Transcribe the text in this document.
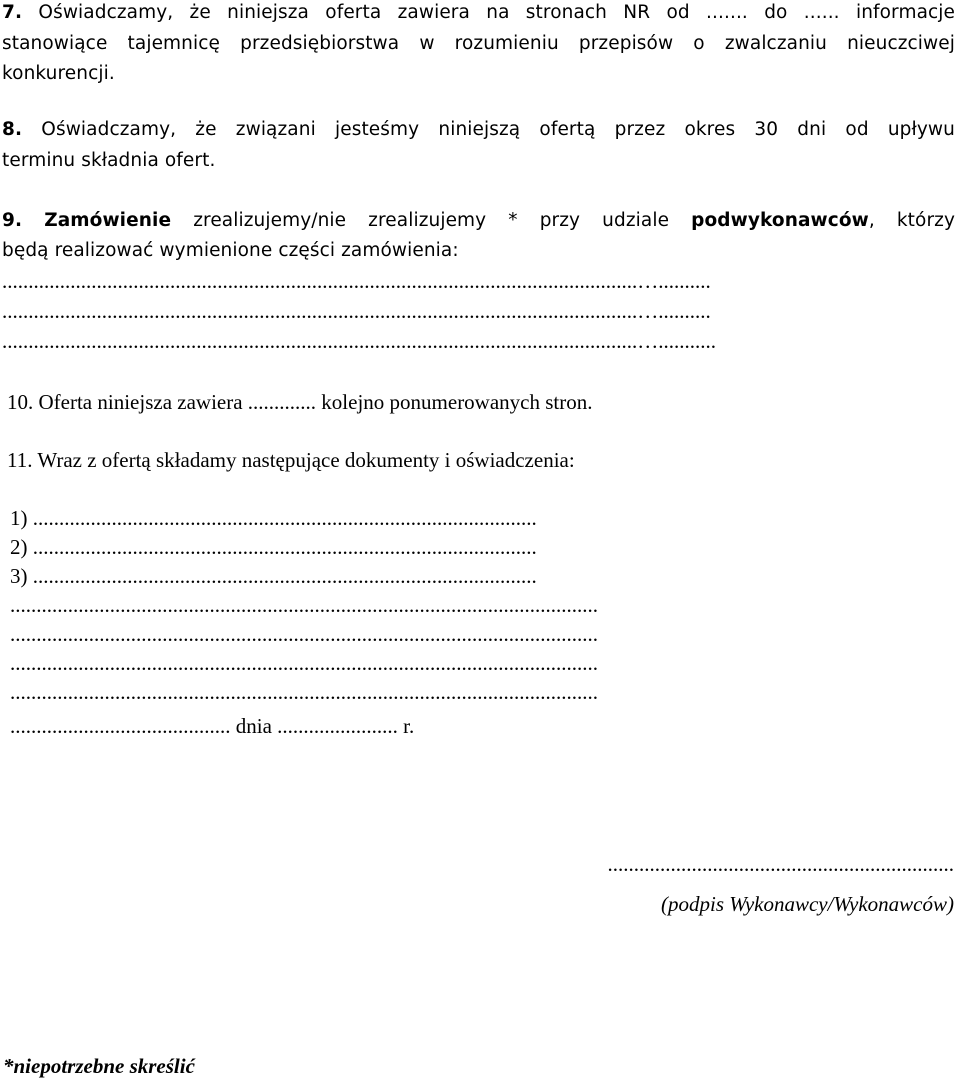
7. Oświadczamy, że niniejsza oferta zawiera na stronach NR od ....... do ...... informacje
stanowiące tajemnicę przedsiębiorstwa w rozumieniu przepisów o zwalczaniu nieuczciwej
konkurencji.
8. Oświadczamy, że związani jesteśmy niniejszą ofertą przez okres 30 dni od upływu
terminu składnia ofert.
9. Zamówienie zrealizujemy/nie zrealizujemy * przy udziale podwykonawców, którzy
będą realizować wymienione części zamówienia:
.........................................................................................................................…..........
.........................................................................................................................…..........
.........................................................................................................................…...........
10. Oferta niniejsza zawiera ............. kolejno ponumerowanych stron.
11. Wraz z ofertą składamy następujące dokumenty i oświadczenia:
1) ................................................................................................
2) ................................................................................................
3) ................................................................................................
................................................................................................................
................................................................................................................
................................................................................................................
................................................................................................................
.......................................... dnia ....................... r.
..................................................................
(podpis Wykonawcy/Wykonawców)
*niepotrzebne skreślić
